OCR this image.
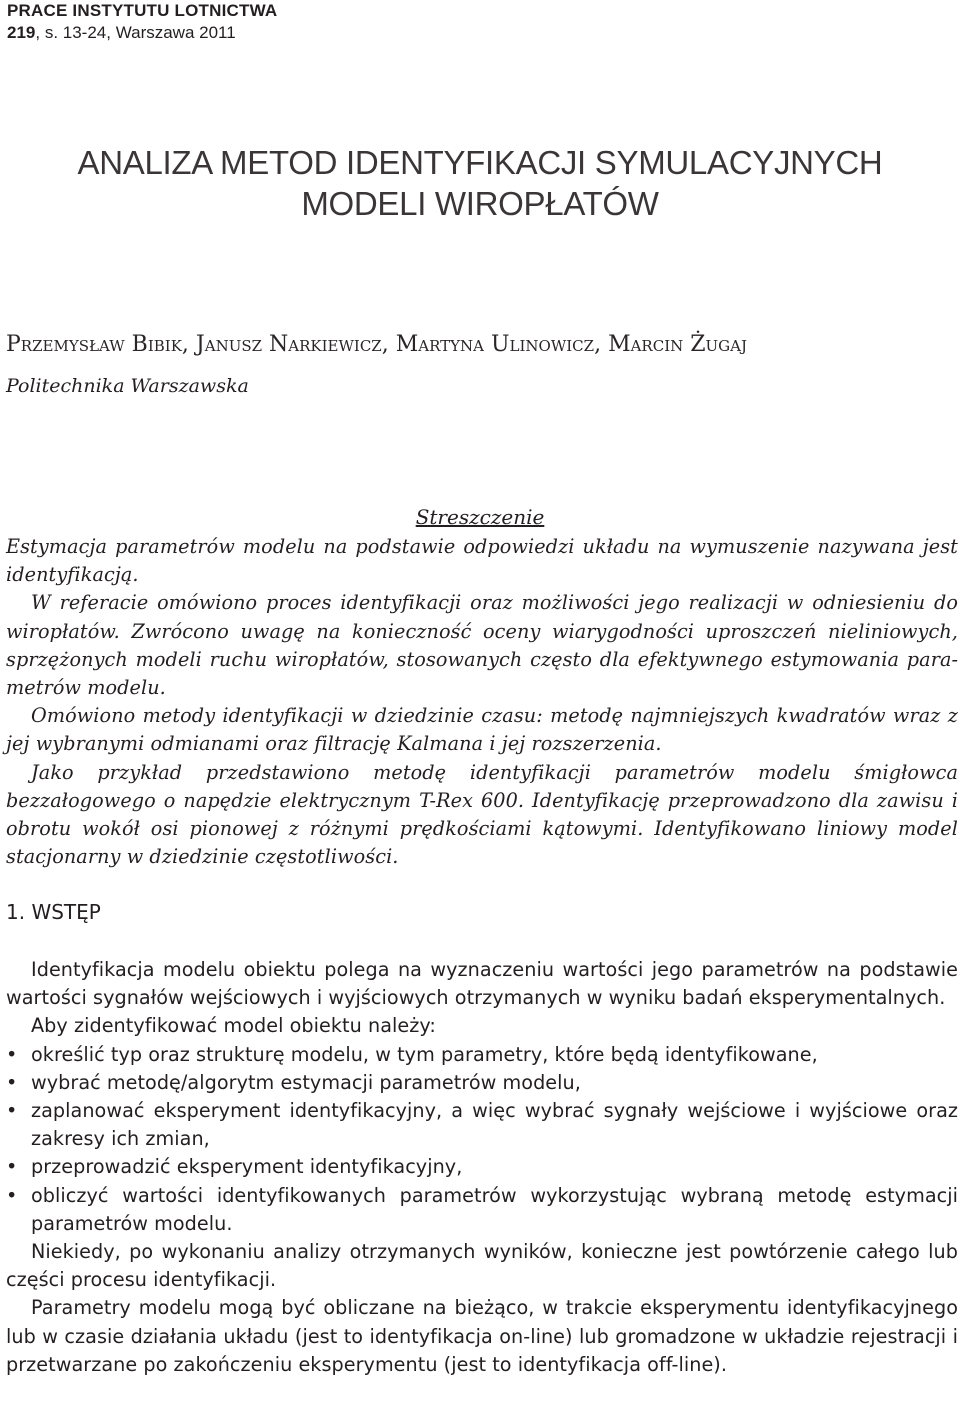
PRACE INSTYTUTU LOTNICTWA
219, s. 13-24, Warszawa 2011
ANALIZA METOD IDENTYFIKACJI SYMULACYJNYCH
MODELI WIROPŁATÓW
Przemysław Bibik, Janusz Narkiewicz, Martyna Ulinowicz, Marcin Żugaj
Politechnika Warszawska
Streszczenie

Estymacja parametrów modelu na podstawie odpowiedzi układu na wymuszenie nazywana jest identyfikacją.

W referacie omówiono proces identyfikacji oraz możliwości jego realizacji w odniesieniu do wiropłatów. Zwrócono uwagę na konieczność oceny wiarygodności uproszczeń nieliniowych, sprzężonych modeli ruchu wiropłatów, stosowanych często dla efektywnego estymowania parametrów modelu.

Omówiono metody identyfikacji w dziedzinie czasu: metodę najmniejszych kwadratów wraz z jej wybranymi odmianami oraz filtrację Kalmana i jej rozszerzenia.

Jako przykład przedstawiono metodę identyfikacji parametrów modelu śmigłowca bezzałogowego o napędzie elektrycznym T-Rex 600. Identyfikację przeprowadzono dla zawisu i obrotu wokół osi pionowej z różnymi prędkościami kątowymi. Identyfikowano liniowy model stacjonarny w dziedzinie częstotliwości.

1. WSTĘP

Identyfikacja modelu obiektu polega na wyznaczeniu wartości jego parametrów na podstawie wartości sygnałów wejściowych i wyjściowych otrzymanych w wyniku badań eksperymentalnych.

Aby zidentyfikować model obiektu należy:

• określić typ oraz strukturę modelu, w tym parametry, które będą identyfikowane,
• wybrać metodę/algorytm estymacji parametrów modelu,
• zaplanować eksperyment identyfikacyjny, a więc wybrać sygnały wejściowe i wyjściowe oraz zakresy ich zmian,
• przeprowadzić eksperyment identyfikacyjny,
• obliczyć wartości identyfikowanych parametrów wykorzystując wybraną metodę estymacji parametrów modelu.

Niekiedy, po wykonaniu analizy otrzymanych wyników, konieczne jest powtórzenie całego lub części procesu identyfikacji.

Parametry modelu mogą być obliczane na bieżąco, w trakcie eksperymentu identyfikacyjnego lub w czasie działania układu (jest to identyfikacja on-line) lub gromadzone w układzie rejestracji i przetwarzane po zakończeniu eksperymentu (jest to identyfikacja off-line).
